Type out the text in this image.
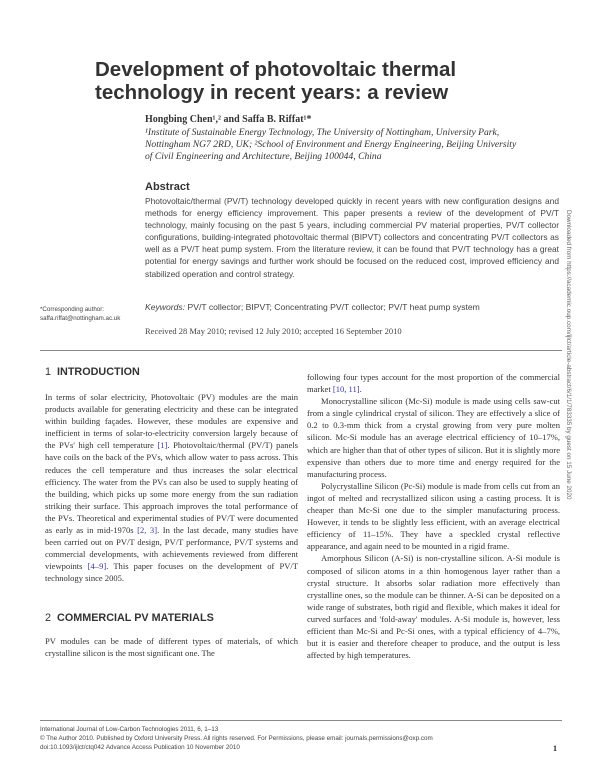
Development of photovoltaic thermal technology in recent years: a review
Hongbing Chen¹,² and Saffa B. Riffat¹*
¹Institute of Sustainable Energy Technology, The University of Nottingham, University Park, Nottingham NG7 2RD, UK; ²School of Environment and Energy Engineering, Beijing University of Civil Engineering and Architecture, Beijing 100044, China
Abstract
Photovoltaic/thermal (PV/T) technology developed quickly in recent years with new configuration designs and methods for energy efficiency improvement. This paper presents a review of the development of PV/T technology, mainly focusing on the past 5 years, including commercial PV material properties, PV/T collector configurations, building-integrated photovoltaic thermal (BIPVT) collectors and concentrating PV/T collectors as well as a PV/T heat pump system. From the literature review, it can be found that PV/T technology has a great potential for energy savings and further work should be focused on the reduced cost, improved efficiency and stabilized operation and control strategy.
*Corresponding author: saffa.riffat@nottingham.ac.uk
Keywords: PV/T collector; BIPVT; Concentrating PV/T collector; PV/T heat pump system
Received 28 May 2010; revised 12 July 2010; accepted 16 September 2010
1 INTRODUCTION

In terms of solar electricity, Photovoltaic (PV) modules are the main products available for generating electricity and these can be integrated within building façades. However, these modules are expensive and inefficient in terms of solar-to-electricity conversion largely because of the PVs' high cell temperature [1]. Photovoltaic/thermal (PV/T) panels have coils on the back of the PVs, which allow water to pass across. This reduces the cell temperature and thus increases the solar electrical efficiency. The water from the PVs can also be used to supply heating of the building, which picks up some more energy from the sun radiation striking their surface. This approach improves the total performance of the PVs. Theoretical and experimental studies of PV/T were documented as early as in mid-1970s [2, 3]. In the last decade, many studies have been carried out on PV/T design, PV/T performance, PV/T systems and commercial developments, with achievements reviewed from different viewpoints [4–9]. This paper focuses on the development of PV/T technology since 2005.

2 COMMERCIAL PV MATERIALS

PV modules can be made of different types of materials, of which crystalline silicon is the most significant one. The

following four types account for the most proportion of the commercial market [10, 11].

Monocrystalline silicon (Mc-Si) module is made using cells saw-cut from a single cylindrical crystal of silicon. They are effectively a slice of 0.2 to 0.3-mm thick from a crystal growing from very pure molten silicon. Mc-Si module has an average electrical efficiency of 10–17%, which are higher than that of other types of silicon. But it is slightly more expensive than others due to more time and energy required for the manufacturing process.

Polycrystalline Silicon (Pc-Si) module is made from cells cut from an ingot of melted and recrystallized silicon using a casting process. It is cheaper than Mc-Si one due to the simpler manufacturing process. However, it tends to be slightly less efficient, with an average electrical efficiency of 11–15%. They have a speckled crystal reflective appearance, and again need to be mounted in a rigid frame.

Amorphous Silicon (A-Si) is non-crystalline silicon. A-Si module is composed of silicon atoms in a thin homogenous layer rather than a crystal structure. It absorbs solar radiation more effectively than crystalline ones, so the module can be thinner. A-Si can be deposited on a wide range of substrates, both rigid and flexible, which makes it ideal for curved surfaces and 'fold-away' modules. A-Si module is, however, less efficient than Mc-Si and Pc-Si ones, with a typical efficiency of 4–7%, but it is easier and therefore cheaper to produce, and the output is less affected by high temperatures.

Downloaded from https://academic.oup.com/ijlct/article-abstract/6/1/1/783335 by guest on 15 June 2020
International Journal of Low-Carbon Technologies 2011, 6, 1–13
© The Author 2010. Published by Oxford University Press. All rights reserved. For Permissions, please email: journals.permissions@oxp.com
doi:10.1093/ijlct/ctq042 Advance Access Publication 10 November 2010	1
